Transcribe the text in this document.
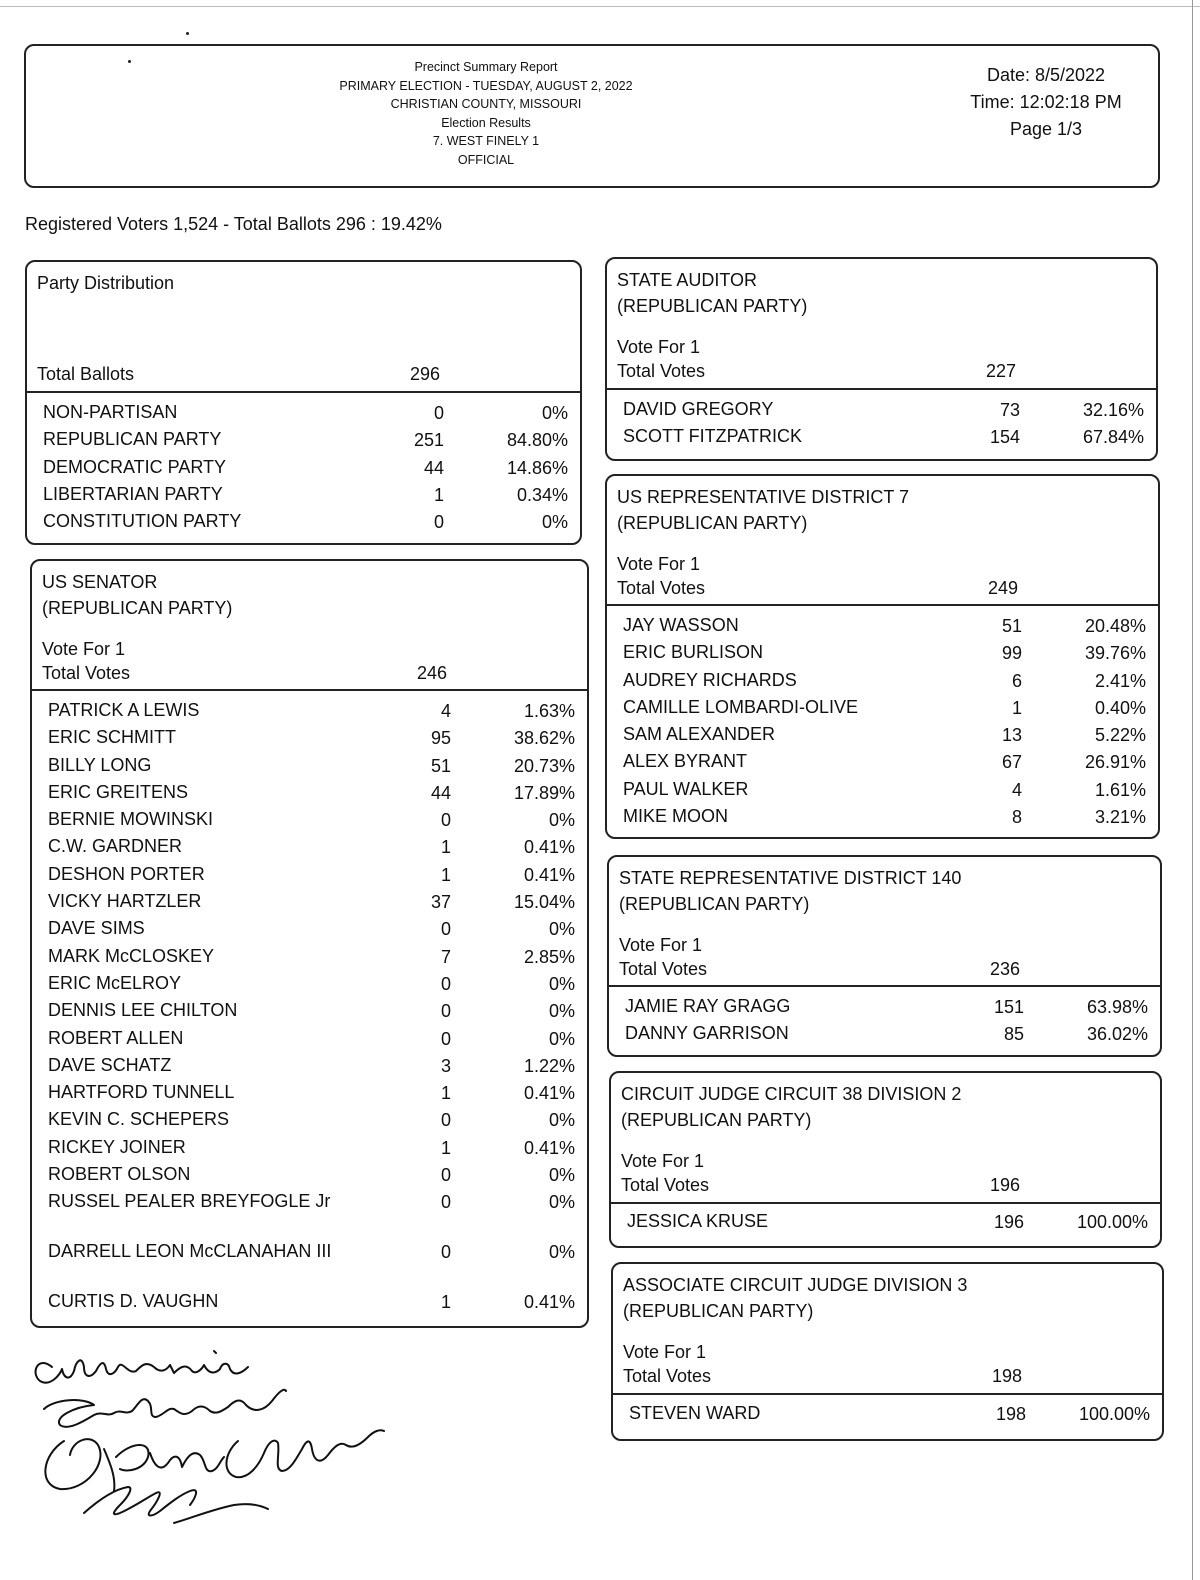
Precinct Summary Report
PRIMARY ELECTION - TUESDAY, AUGUST 2, 2022
CHRISTIAN COUNTY, MISSOURI
Election Results
7. WEST FINELY 1
OFFICIAL
Date: 8/5/2022
Time: 12:02:18 PM
Page 1/3
Registered Voters 1,524 - Total Ballots 296 : 19.42%
Party Distribution
Total Ballots	296
NON-PARTISAN	0	0%
REPUBLICAN PARTY	251	84.80%
DEMOCRATIC PARTY	44	14.86%
LIBERTARIAN PARTY	1	0.34%
CONSTITUTION PARTY	0	0%
US SENATOR
(REPUBLICAN PARTY)
Vote For 1
Total Votes	246
PATRICK A LEWIS	4	1.63%
ERIC SCHMITT	95	38.62%
BILLY LONG	51	20.73%
ERIC GREITENS	44	17.89%
BERNIE MOWINSKI	0	0%
C.W. GARDNER	1	0.41%
DESHON PORTER	1	0.41%
VICKY HARTZLER	37	15.04%
DAVE SIMS	0	0%
MARK McCLOSKEY	7	2.85%
ERIC McELROY	0	0%
DENNIS LEE CHILTON	0	0%
ROBERT ALLEN	0	0%
DAVE SCHATZ	3	1.22%
HARTFORD TUNNELL	1	0.41%
KEVIN C. SCHEPERS	0	0%
RICKEY JOINER	1	0.41%
ROBERT OLSON	0	0%
RUSSEL PEALER BREYFOGLE Jr	0	0%
DARRELL LEON McCLANAHAN III	0	0%
CURTIS D. VAUGHN	1	0.41%
STATE AUDITOR
(REPUBLICAN PARTY)
Vote For 1
Total Votes	227
DAVID GREGORY	73	32.16%
SCOTT FITZPATRICK	154	67.84%
US REPRESENTATIVE DISTRICT 7
(REPUBLICAN PARTY)
Vote For 1
Total Votes	249
JAY WASSON	51	20.48%
ERIC BURLISON	99	39.76%
AUDREY RICHARDS	6	2.41%
CAMILLE LOMBARDI-OLIVE	1	0.40%
SAM ALEXANDER	13	5.22%
ALEX BYRANT	67	26.91%
PAUL WALKER	4	1.61%
MIKE MOON	8	3.21%
STATE REPRESENTATIVE DISTRICT 140
(REPUBLICAN PARTY)
Vote For 1
Total Votes	236
JAMIE RAY GRAGG	151	63.98%
DANNY GARRISON	85	36.02%
CIRCUIT JUDGE CIRCUIT 38 DIVISION 2
(REPUBLICAN PARTY)
Vote For 1
Total Votes	196
JESSICA KRUSE	196	100.00%
ASSOCIATE CIRCUIT JUDGE DIVISION 3
(REPUBLICAN PARTY)
Vote For 1
Total Votes	198
STEVEN WARD	198	100.00%
